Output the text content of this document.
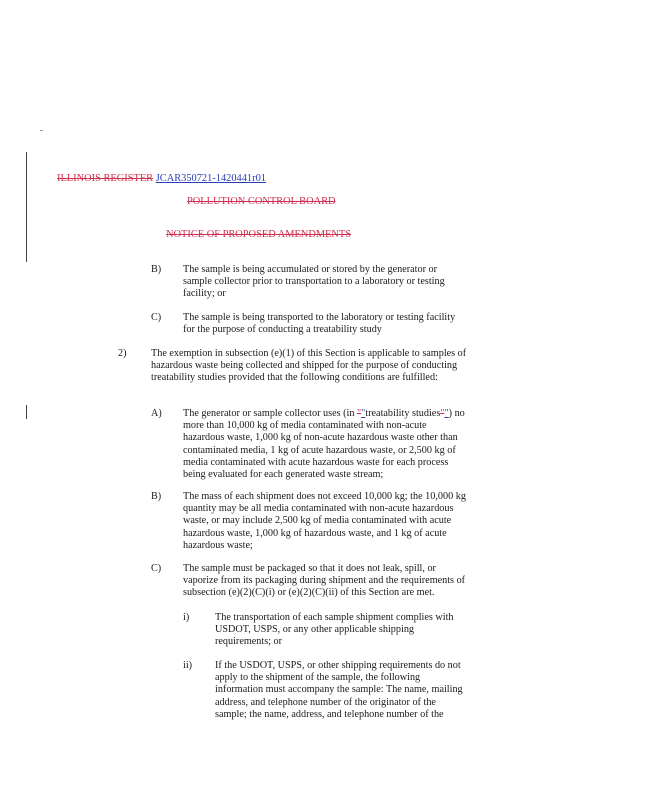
ILLINOIS REGISTER JCAR350721-1420441r01
POLLUTION CONTROL BOARD
NOTICE OF PROPOSED AMENDMENTS
B) The sample is being accumulated or stored by the generator or sample collector prior to transportation to a laboratory or testing facility; or
C) The sample is being transported to the laboratory or testing facility for the purpose of conducting a treatability study
2) The exemption in subsection (e)(1) of this Section is applicable to samples of hazardous waste being collected and shipped for the purpose of conducting treatability studies provided that the following conditions are fulfilled:
A) The generator or sample collector uses (in ""treatability studies"") no more than 10,000 kg of media contaminated with non-acute hazardous waste, 1,000 kg of non-acute hazardous waste other than contaminated media, 1 kg of acute hazardous waste, or 2,500 kg of media contaminated with acute hazardous waste for each process being evaluated for each generated waste stream;
B) The mass of each shipment does not exceed 10,000 kg; the 10,000 kg quantity may be all media contaminated with non-acute hazardous waste, or may include 2,500 kg of media contaminated with acute hazardous waste, 1,000 kg of hazardous waste, and 1 kg of acute hazardous waste;
C) The sample must be packaged so that it does not leak, spill, or vaporize from its packaging during shipment and the requirements of subsection (e)(2)(C)(i) or (e)(2)(C)(ii) of this Section are met.
i)	The transportation of each sample shipment complies with USDOT, USPS, or any other applicable shipping requirements; or
ii) If the USDOT, USPS, or other shipping requirements do not apply to the shipment of the sample, the following information must accompany the sample: The name, mailing address, and telephone number of the originator of the sample; the name, address, and telephone number of the
